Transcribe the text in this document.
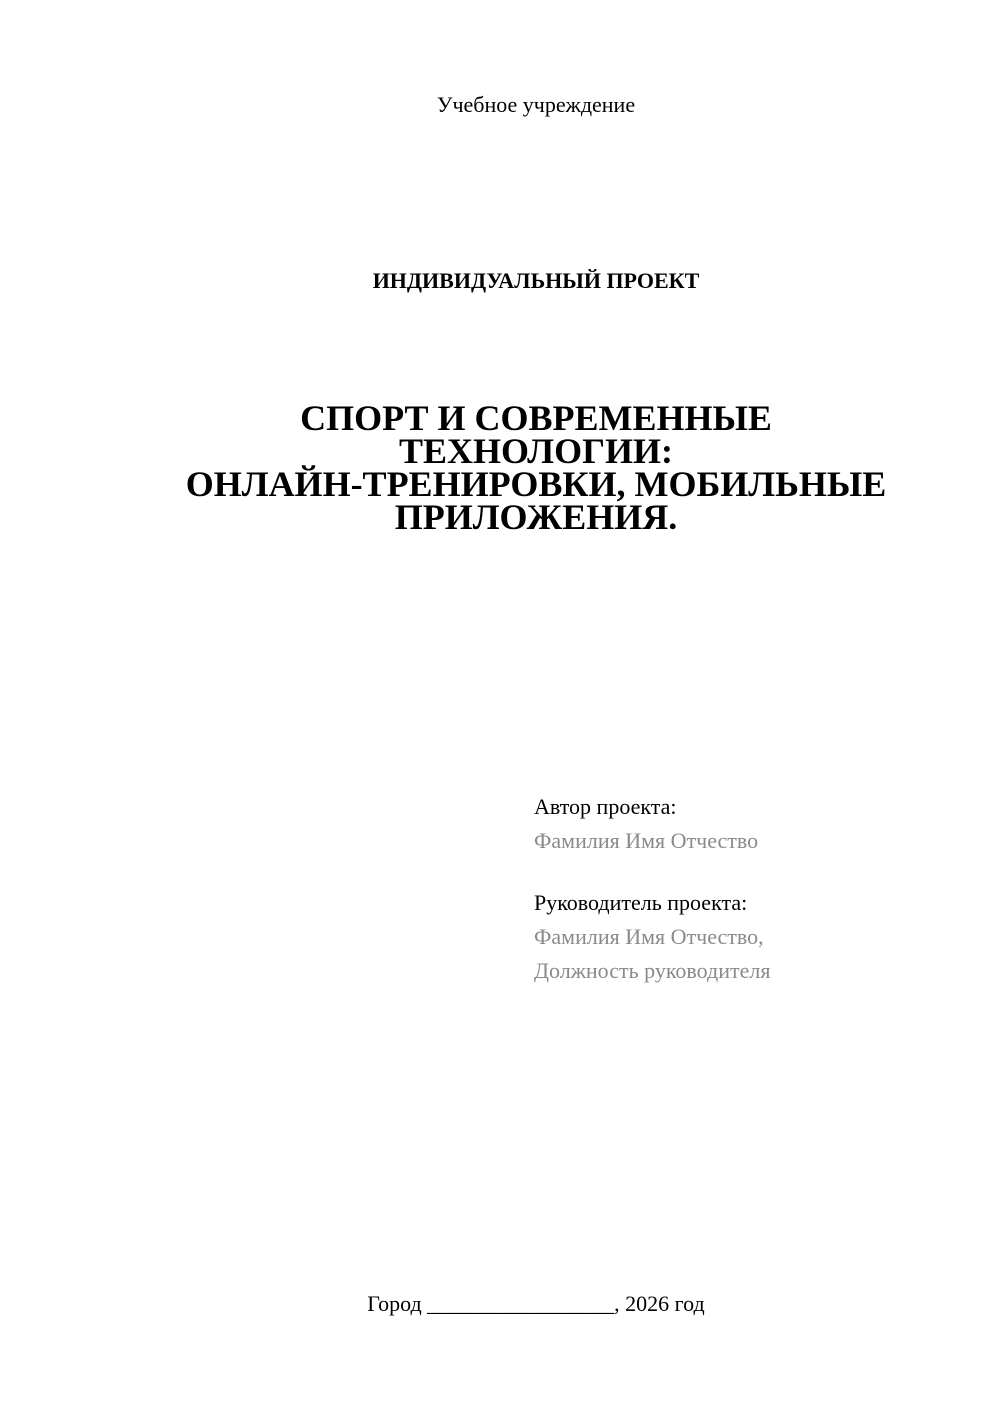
Учебное учреждение
ИНДИВИДУАЛЬНЫЙ ПРОЕКТ
СПОРТ И СОВРЕМЕННЫЕ
ТЕХНОЛОГИИ:
ОНЛАЙН-ТРЕНИРОВКИ, МОБИЛЬНЫЕ
ПРИЛОЖЕНИЯ.
Автор проекта:
Фамилия Имя Отчество
Руководитель проекта:
Фамилия Имя Отчество,
Должность руководителя
Город _________________, 2026 год
